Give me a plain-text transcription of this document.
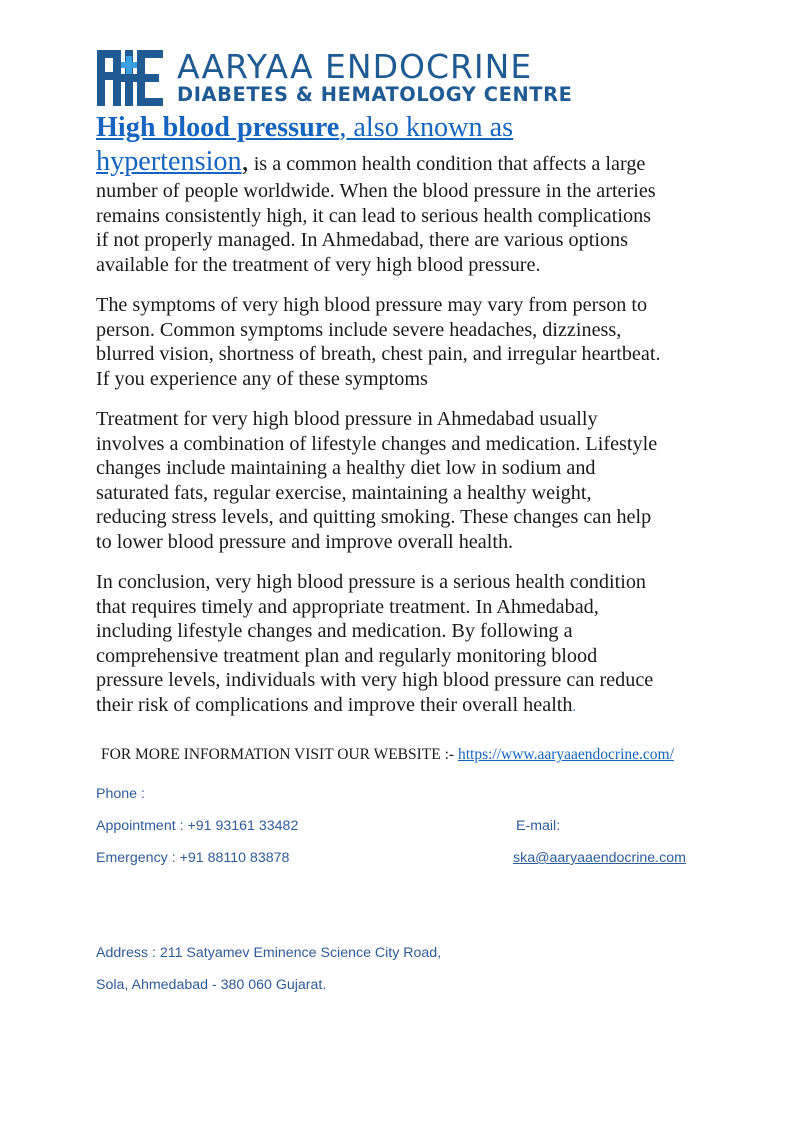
AARYAA ENDOCRINE
DIABETES & HEMATOLOGY CENTRE
High blood pressure, also known as
hypertension, is a common health condition that affects a large
number of people worldwide. When the blood pressure in the arteries
remains consistently high, it can lead to serious health complications
if not properly managed. In Ahmedabad, there are various options
available for the treatment of very high blood pressure.
The symptoms of very high blood pressure may vary from person to
person. Common symptoms include severe headaches, dizziness,
blurred vision, shortness of breath, chest pain, and irregular heartbeat.
If you experience any of these symptoms
Treatment for very high blood pressure in Ahmedabad usually
involves a combination of lifestyle changes and medication. Lifestyle
changes include maintaining a healthy diet low in sodium and
saturated fats, regular exercise, maintaining a healthy weight,
reducing stress levels, and quitting smoking. These changes can help
to lower blood pressure and improve overall health.
In conclusion, very high blood pressure is a serious health condition
that requires timely and appropriate treatment. In Ahmedabad,
including lifestyle changes and medication. By following a
comprehensive treatment plan and regularly monitoring blood
pressure levels, individuals with very high blood pressure can reduce
their risk of complications and improve their overall health.
FOR MORE INFORMATION VISIT OUR WEBSITE :- https://www.aaryaaendocrine.com/
Phone :
Appointment : +91 93161 33482
Emergency : +91 88110 83878
E-mail:
ska@aaryaaendocrine.com
Address : 211 Satyamev Eminence Science City Road,
Sola, Ahmedabad - 380 060 Gujarat.
